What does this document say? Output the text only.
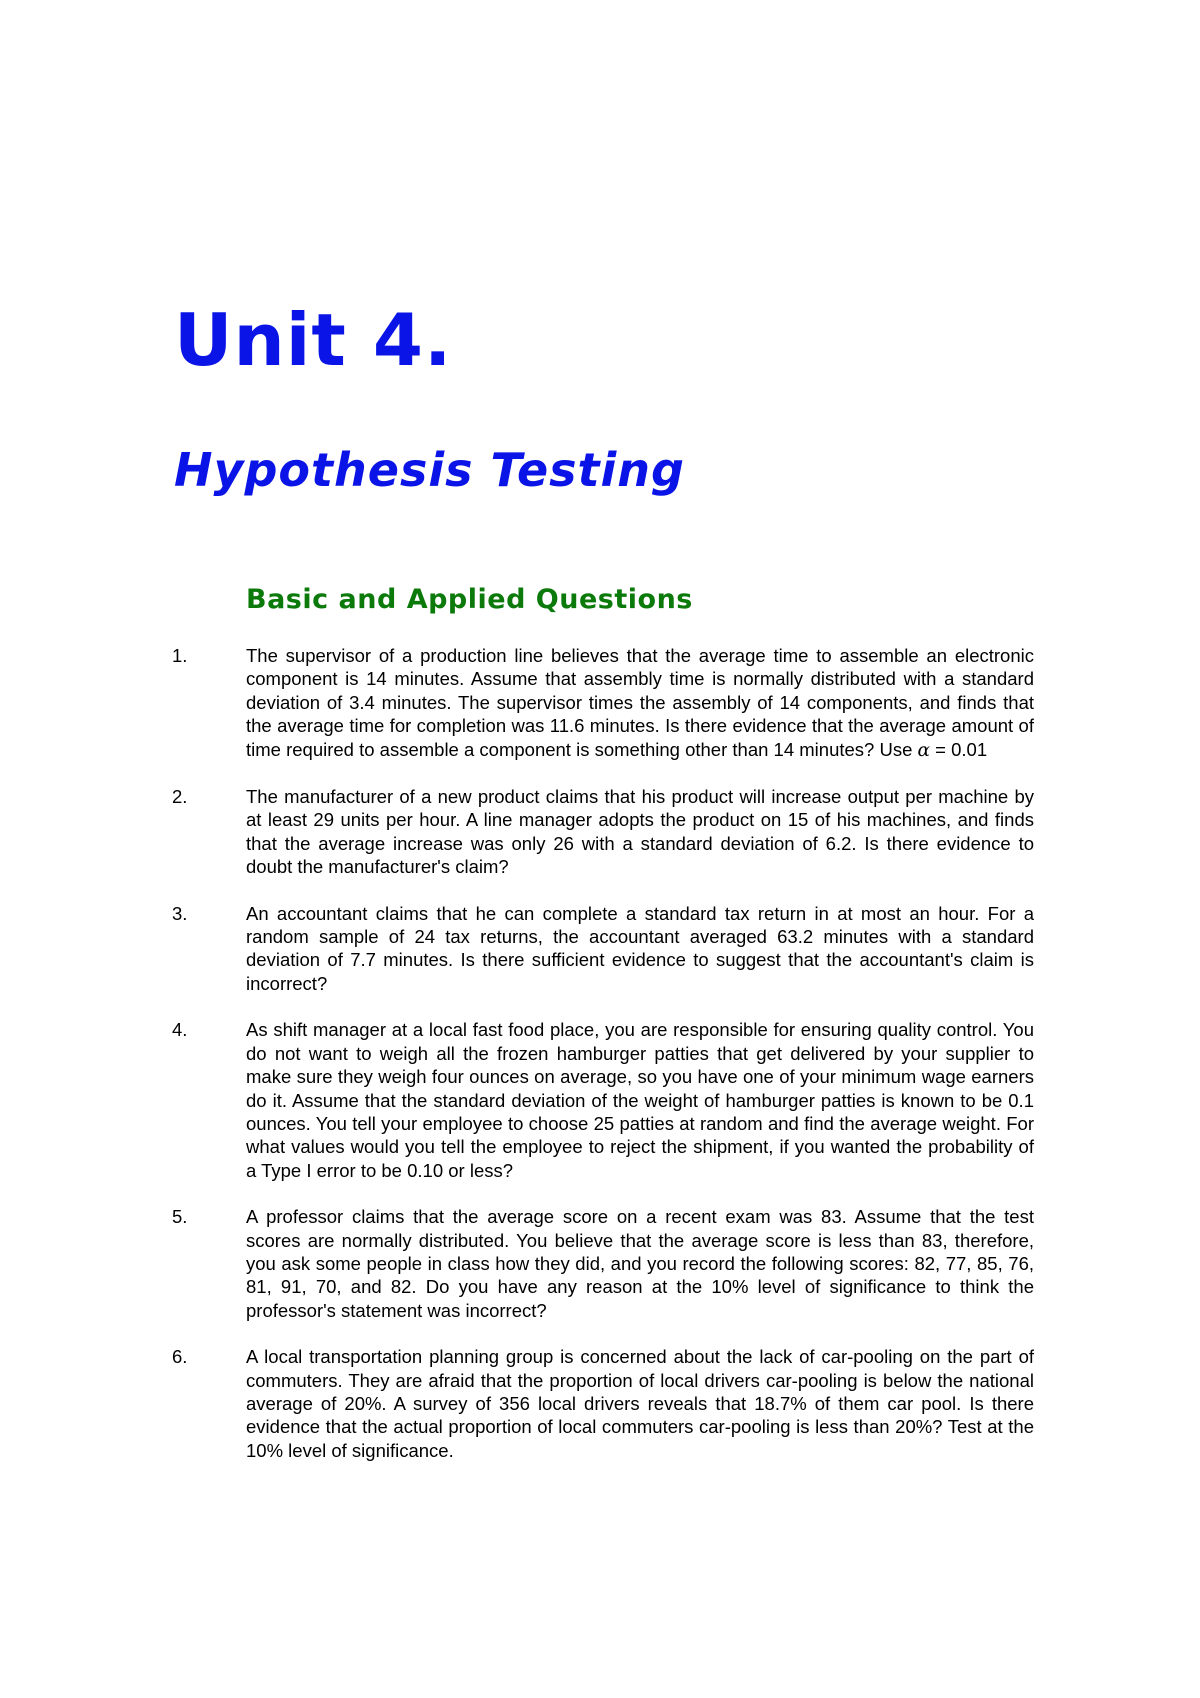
Unit 4.
Hypothesis Testing
Basic and Applied Questions
1.	The supervisor of a production line believes that the average time to assemble an electronic component is 14 minutes. Assume that assembly time is normally distributed with a standard deviation of 3.4 minutes. The supervisor times the assembly of 14 components, and finds that the average time for completion was 11.6 minutes. Is there evidence that the average amount of time required to assemble a component is something other than 14 minutes? Use α = 0.01
2.	The manufacturer of a new product claims that his product will increase output per machine by at least 29 units per hour. A line manager adopts the product on 15 of his machines, and finds that the average increase was only 26 with a standard deviation of 6.2. Is there evidence to doubt the manufacturer's claim?
3.	An accountant claims that he can complete a standard tax return in at most an hour. For a random sample of 24 tax returns, the accountant averaged 63.2 minutes with a standard deviation of 7.7 minutes. Is there sufficient evidence to suggest that the accountant's claim is incorrect?
4.	As shift manager at a local fast food place, you are responsible for ensuring quality control. You do not want to weigh all the frozen hamburger patties that get delivered by your supplier to make sure they weigh four ounces on average, so you have one of your minimum wage earners do it. Assume that the standard deviation of the weight of hamburger patties is known to be 0.1 ounces. You tell your employee to choose 25 patties at random and find the average weight. For what values would you tell the employee to reject the shipment, if you wanted the probability of a Type I error to be 0.10 or less?
5.	A professor claims that the average score on a recent exam was 83. Assume that the test scores are normally distributed. You believe that the average score is less than 83, therefore, you ask some people in class how they did, and you record the following scores: 82, 77, 85, 76, 81, 91, 70, and 82. Do you have any reason at the 10% level of significance to think the professor's statement was incorrect?
6.	A local transportation planning group is concerned about the lack of car-pooling on the part of commuters. They are afraid that the proportion of local drivers car-pooling is below the national average of 20%. A survey of 356 local drivers reveals that 18.7% of them car pool. Is there evidence that the actual proportion of local commuters car-pooling is less than 20%? Test at the 10% level of significance.
